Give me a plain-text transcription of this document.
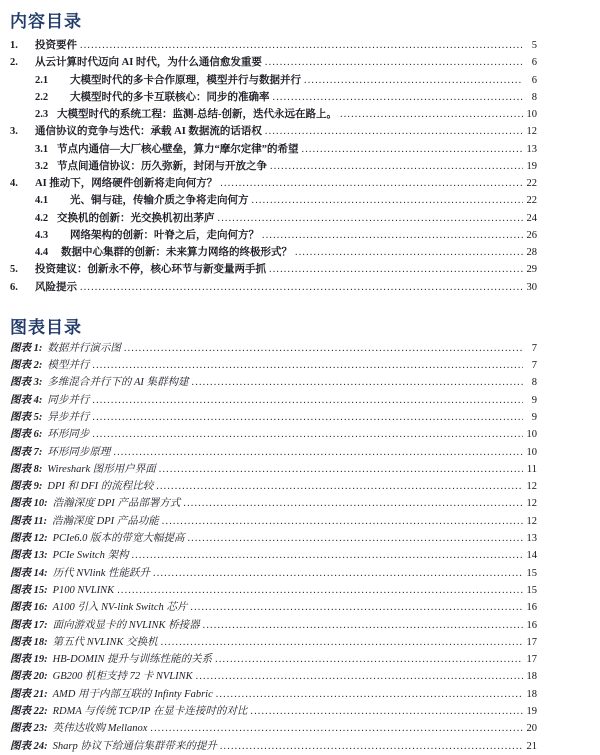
内容目录
1.	投资要件 .....	5
2.	从云计算时代迈向 AI 时代，为什么通信愈发重要 .....	6
2.1	大模型时代的多卡合作原理，模型并行与数据并行 .....	6
2.2	大模型时代的多卡互联核心：同步的准确率 .....	8
2.3 大模型时代的系统工程：监测-总结-创新，迭代永远在路上。 .....	10
3.	通信协议的竞争与迭代：承载 AI 数据流的话语权 .....	12
3.1 节点内通信—大厂核心壁垒，算力“摩尔定律”的希望 .....	13
3.2 节点间通信协议：历久弥新，封闭与开放之争 .....	19
4.	AI 推动下，网络硬件创新将走向何方？ .....	22
4.1	光、铜与硅，传输介质之争将走向何方 .....	22
4.2 交换机的创新：光交换机初出茅庐 .....	24
4.3	网络架构的创新：叶脊之后，走向何方？ .....	26
4.4	数据中心集群的创新：未来算力网络的终极形式？ .....	28
5.	投资建议：创新永不停，核心环节与新变量两手抓 .....	29
6.	风险提示 .....	30
图表目录
图表 1: 数据并行演示图 .....	7
图表 2: 模型并行 .....	7
图表 3: 多维混合并行下的 AI 集群构建 .....	8
图表 4: 同步并行 .....	9
图表 5: 异步并行 .....	9
图表 6: 环形同步 .....	10
图表 7: 环形同步原理 .....	10
图表 8: Wireshark 图形用户界面 .....	11
图表 9: DPI 和 DFI 的流程比较 .....	12
图表 10: 浩瀚深度 DPI 产品部署方式 .....	12
图表 11: 浩瀚深度 DPI 产品功能 .....	12
图表 12: PCIe6.0 版本的带宽大幅提高 .....	13
图表 13: PCIe Switch 架构 .....	14
图表 14: 历代 NVlink 性能跃升 .....	15
图表 15: P100 NVLINK .....	15
图表 16: A100 引入 NV-link Switch 芯片 .....	16
图表 17: 面向游戏显卡的 NVLINK 桥接器 .....	16
图表 18: 第五代 NVLINK 交换机 .....	17
图表 19: HB-DOMIN 提升与训练性能的关系 .....	17
图表 20: GB200 机柜支持 72 卡 NVLINK .....	18
图表 21: AMD 用于内部互联的 Infinty Fabric .....	18
图表 22: RDMA 与传统 TCP/IP 在显卡连接时的对比 .....	19
图表 23: 英伟达收购 Mellanox .....	20
图表 24: Sharp 协议下给通信集群带来的提升 .....	21
